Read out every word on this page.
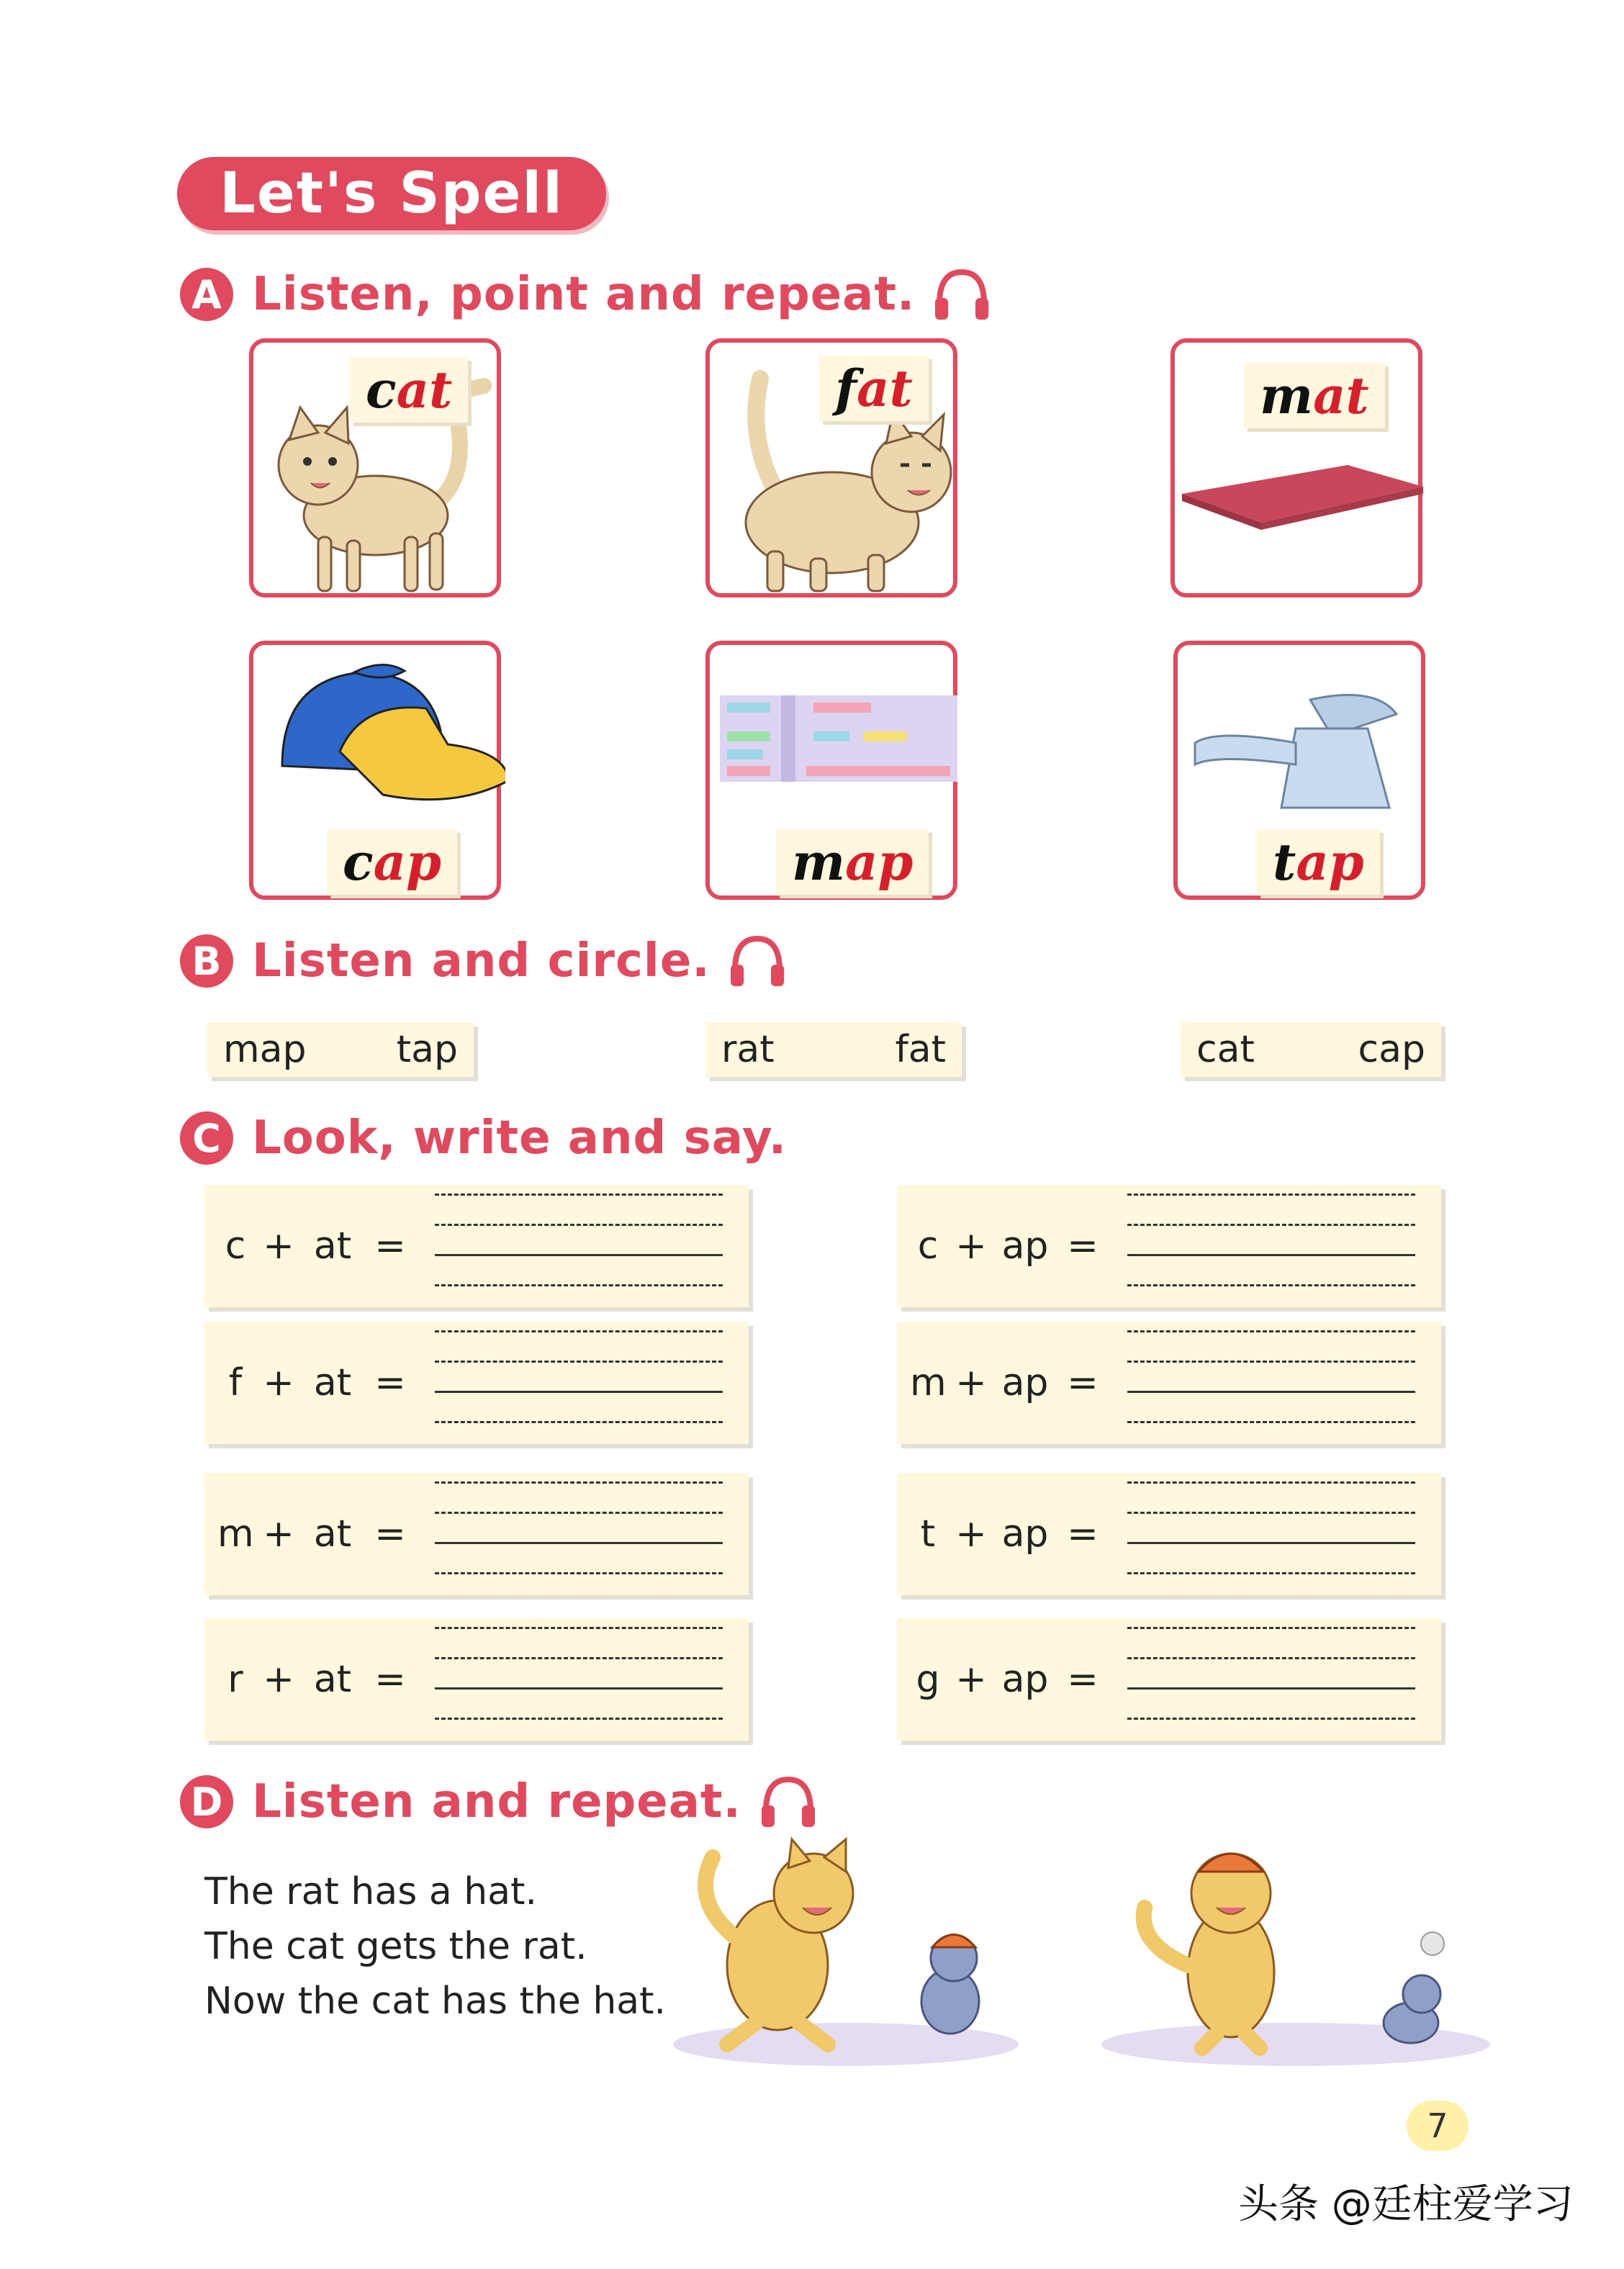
Let's Spell
A Listen, point and repeat.
cat	fat	mat
cap	map	tap
B Listen and circle.
map tap	rat	fat	cat	cap
C Look, write and say.
c + at =
f + at =
m + at =
r + at =
c + ap =
m + ap =
t + ap =
g + ap =
D Listen and repeat.
The rat has a hat.
The cat gets the rat.
Now the cat has the hat.
7
头条 @廷柱爱学习
